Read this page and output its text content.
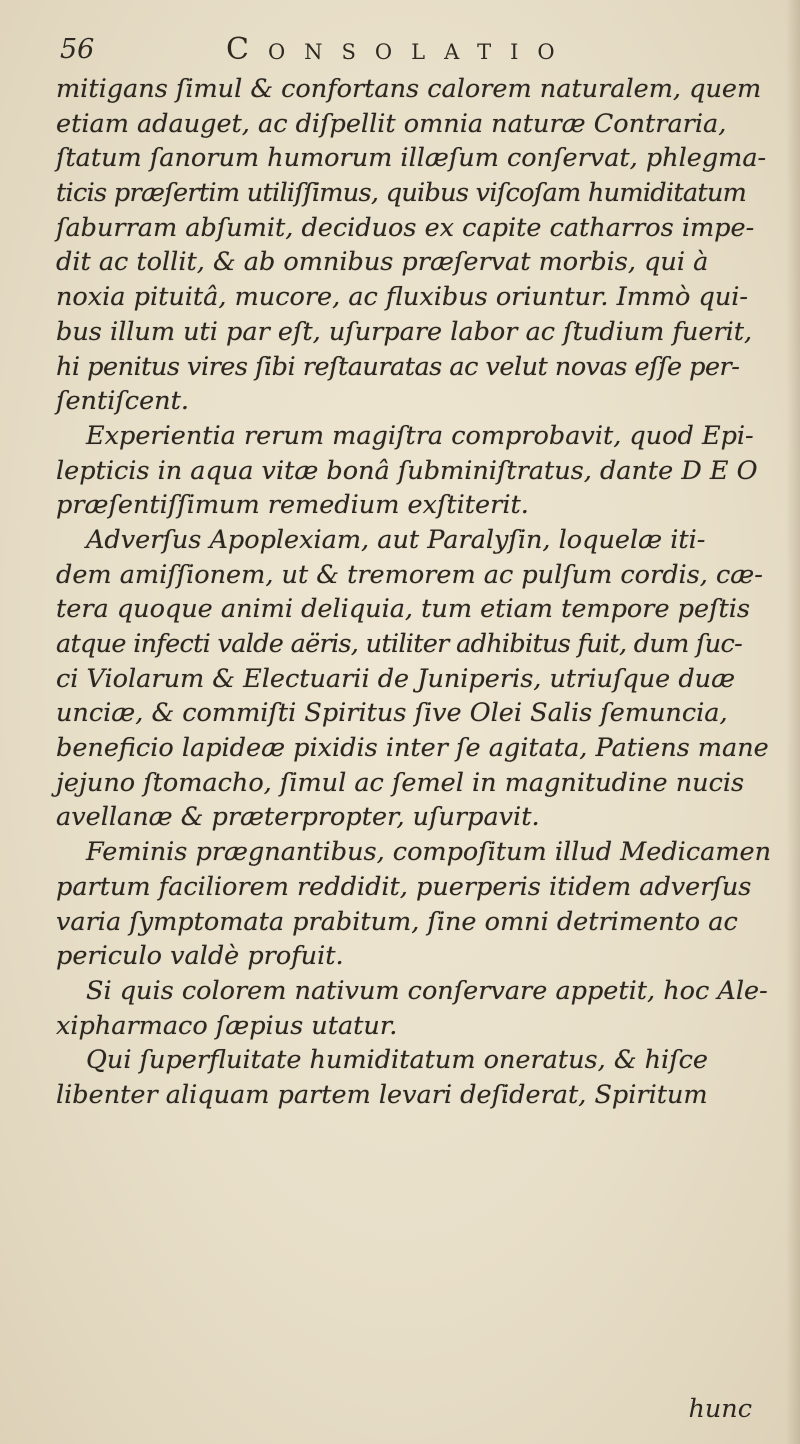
56	Consolatio
mitigans ſimul & confortans calorem naturalem, quem
etiam adauget, ac diſpellit omnia naturæ Contraria,
ſtatum ſanorum humorum illæſum conſervat, phlegma-
ticis præſertim utiliſſimus, quibus viſcoſam humiditatum
ſaburram abſumit, deciduos ex capite catharros impe-
dit ac tollit, & ab omnibus præſervat morbis, qui à
noxia pituitâ, mucore, ac fluxibus oriuntur. Immò qui-
bus illum uti par eſt, uſurpare labor ac ſtudium fuerit,
hi penitus vires ſibi reſtauratas ac velut novas eſſe per-
ſentiſcent.
Experientia rerum magiſtra comprobavit, quod Epi-
lepticis in aqua vitæ bonâ ſubminiſtratus, dante D E O
præſentiſſimum remedium exſtiterit.
Adverſus Apoplexiam, aut Paralyſin, loquelæ iti-
dem amiſſionem, ut & tremorem ac pulſum cordis, cæ-
tera quoque animi deliquia, tum etiam tempore peſtis
atque infecti valde aëris, utiliter adhibitus fuit, dum ſuc-
ci Violarum & Electuarii de Juniperis, utriuſque duæ
unciæ, & commiſti Spiritus ſive Olei Salis ſemuncia,
beneficio lapideæ pixidis inter ſe agitata, Patiens mane
jejuno ſtomacho, ſimul ac ſemel in magnitudine nucis
avellanæ & præterpropter, uſurpavit.
Feminis prægnantibus, compoſitum illud Medicamen
partum faciliorem reddidit, puerperis itidem adverſus
varia ſymptomata prabitum, ſine omni detrimento ac
periculo valdè profuit.
Si quis colorem nativum conſervare appetit, hoc Ale-
xipharmaco ſæpius utatur.
Qui ſuperfluitate humiditatum oneratus, & hiſce
libenter aliquam partem levari deſiderat, Spiritum
hunc
